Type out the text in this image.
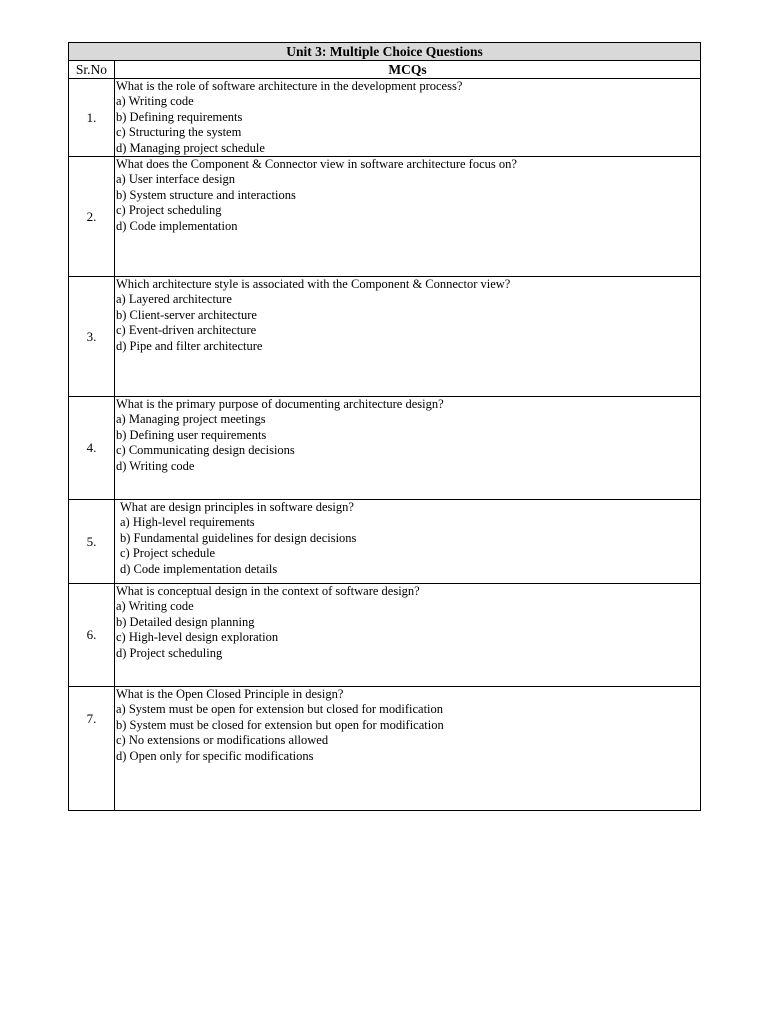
Unit 3: Multiple Choice Questions	
Sr.No	MCQs
1.	What is the role of software architecture in the development process?
a) Writing code
b) Defining requirements
c) Structuring the system
d) Managing project schedule

2.	What does the Component & Connector view in software architecture focus on?
a) User interface design
b) System structure and interactions
c) Project scheduling
d) Code implementation

3.	Which architecture style is associated with the Component & Connector view?
a) Layered architecture
b) Client-server architecture
c) Event-driven architecture
d) Pipe and filter architecture

4.	What is the primary purpose of documenting architecture design?
a) Managing project meetings
b) Defining user requirements
c) Communicating design decisions
d) Writing code

5.	What are design principles in software design?
a) High-level requirements
b) Fundamental guidelines for design decisions
c) Project schedule
d) Code implementation details

6.	What is conceptual design in the context of software design?
a) Writing code
b) Detailed design planning
c) High-level design exploration
d) Project scheduling

7.	What is the Open Closed Principle in design?
a) System must be open for extension but closed for modification
b) System must be closed for extension but open for modification
c) No extensions or modifications allowed
d) Open only for specific modifications
